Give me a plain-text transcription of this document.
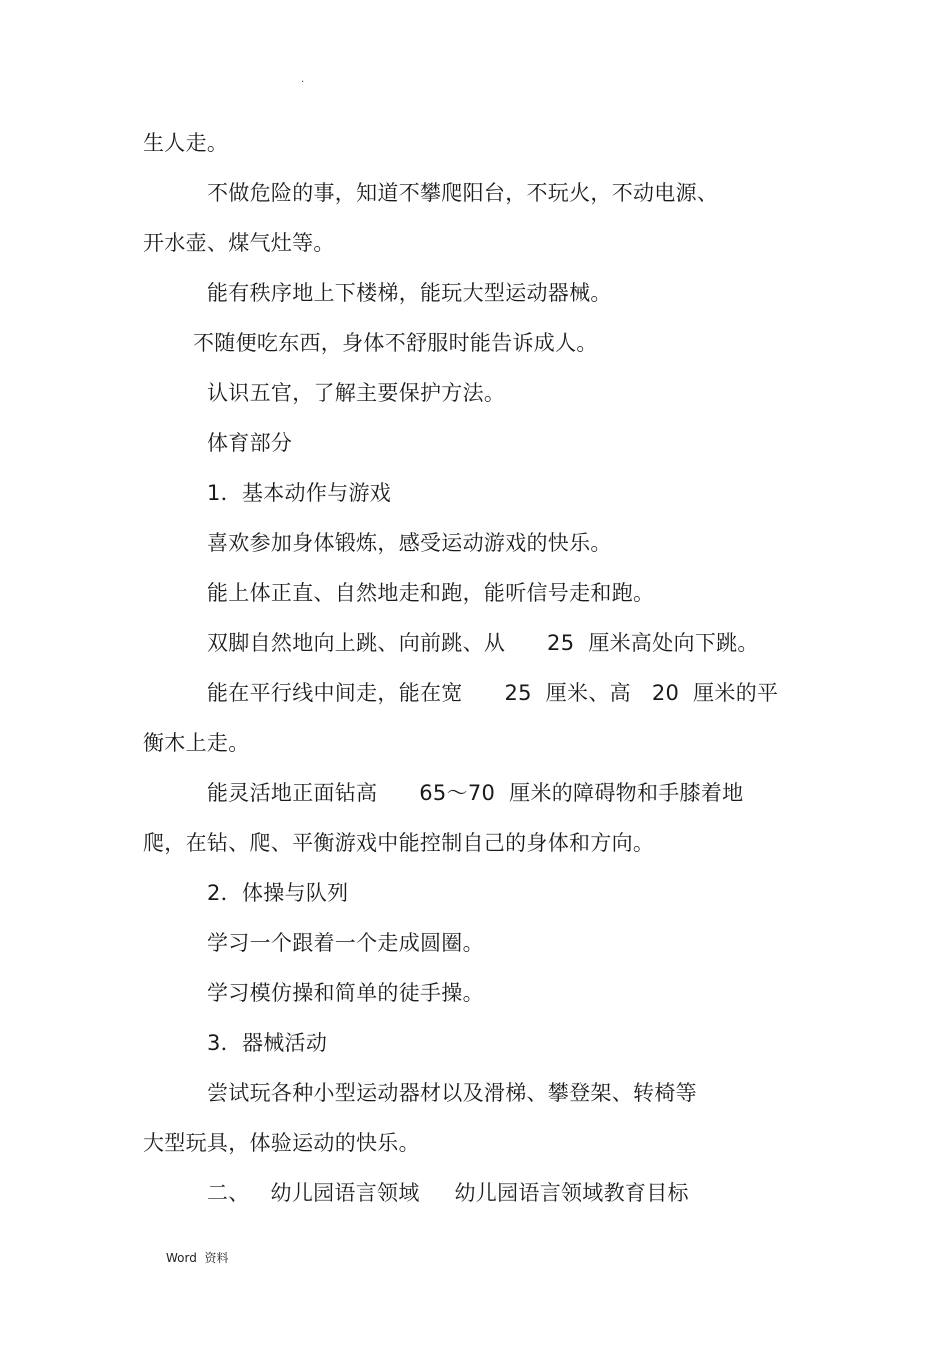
.
生人走。
不做危险的事，知道不攀爬阳台，不玩火，不动电源、
开水壶、煤气灶等。
能有秩序地上下楼梯，能玩大型运动器械。
不随便吃东西，身体不舒服时能告诉成人。
认识五官，了解主要保护方法。
体育部分
1．基本动作与游戏
喜欢参加身体锻炼，感受运动游戏的快乐。
能上体正直、自然地走和跑，能听信号走和跑。
双脚自然地向上跳、向前跳、从      25  厘米高处向下跳。
能在平行线中间走，能在宽      25  厘米、高   20  厘米的平
衡木上走。
能灵活地正面钻高      65～70  厘米的障碍物和手膝着地
爬，在钻、爬、平衡游戏中能控制自己的身体和方向。
2．体操与队列
学习一个跟着一个走成圆圈。
学习模仿操和简单的徒手操。
3．器械活动
尝试玩各种小型运动器材以及滑梯、攀登架、转椅等
大型玩具，体验运动的快乐。
二、   幼儿园语言领域     幼儿园语言领域教育目标
Word  资料
